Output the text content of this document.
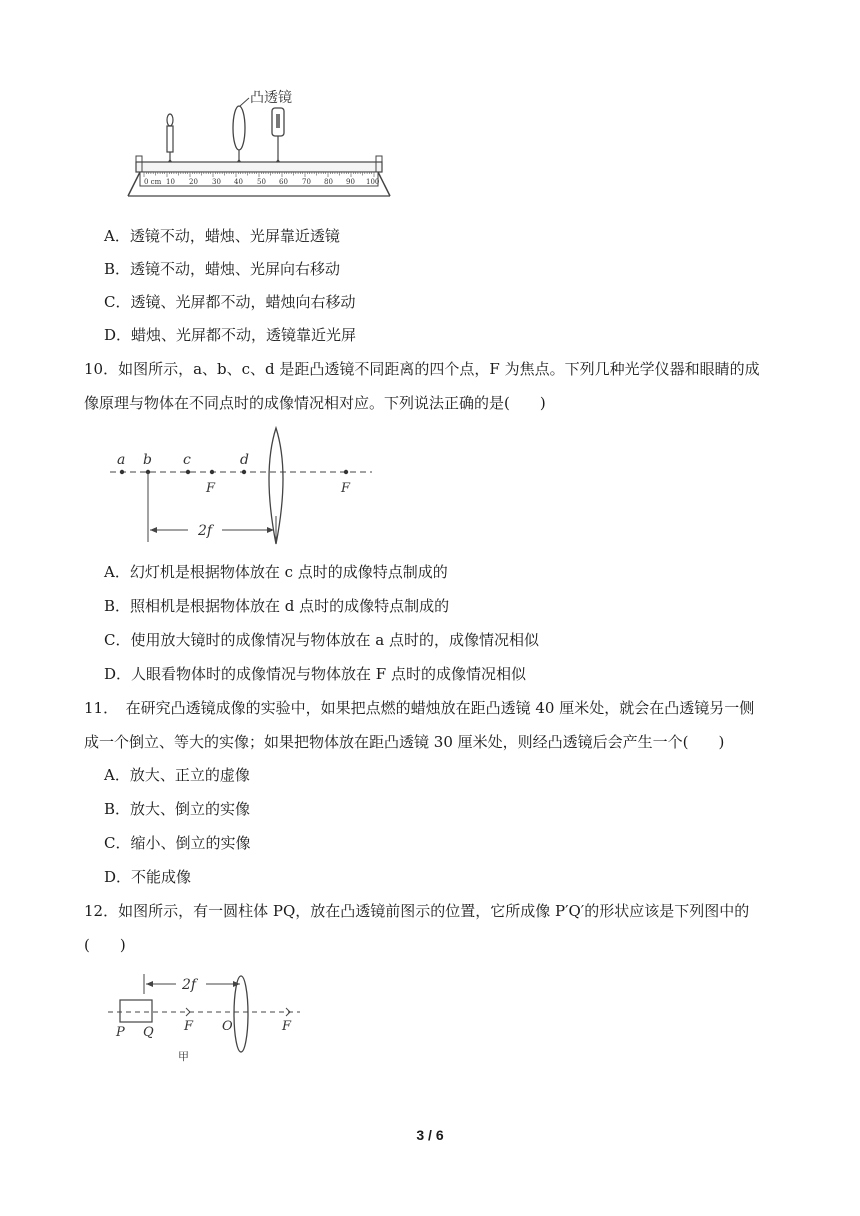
凸透镜
0 cm 10 20 30 40 50 60 70 80 90 100
A．透镜不动，蜡烛、光屏靠近透镜
B．透镜不动，蜡烛、光屏向右移动
C．透镜、光屏都不动，蜡烛向右移动
D．蜡烛、光屏都不动，透镜靠近光屏
10．如图所示，a、b、c、d 是距凸透镜不同距离的四个点，F 为焦点。下列几种光学仪器和眼睛的成
像原理与物体在不同点时的成像情况相对应。下列说法正确的是(　　)
a b c	d
F	F
2f
A．幻灯机是根据物体放在 c 点时的成像特点制成的
B．照相机是根据物体放在 d 点时的成像特点制成的
C．使用放大镜时的成像情况与物体放在 a 点时的，成像情况相似
D．人眼看物体时的成像情况与物体放在 F 点时的成像情况相似
11．　在研究凸透镜成像的实验中，如果把点燃的蜡烛放在距凸透镜 40 厘米处，就会在凸透镜另一侧
成一个倒立、等大的实像；如果把物体放在距凸透镜 30 厘米处，则经凸透镜后会产生一个(　　)
A．放大、正立的虚像
B．放大、倒立的实像
C．缩小、倒立的实像
D．不能成像
12．如图所示，有一圆柱体 PQ，放在凸透镜前图示的位置，它所成像 P′Q′的形状应该是下列图中的
(　　)
2f
P Q F O	F
甲
3 / 6
